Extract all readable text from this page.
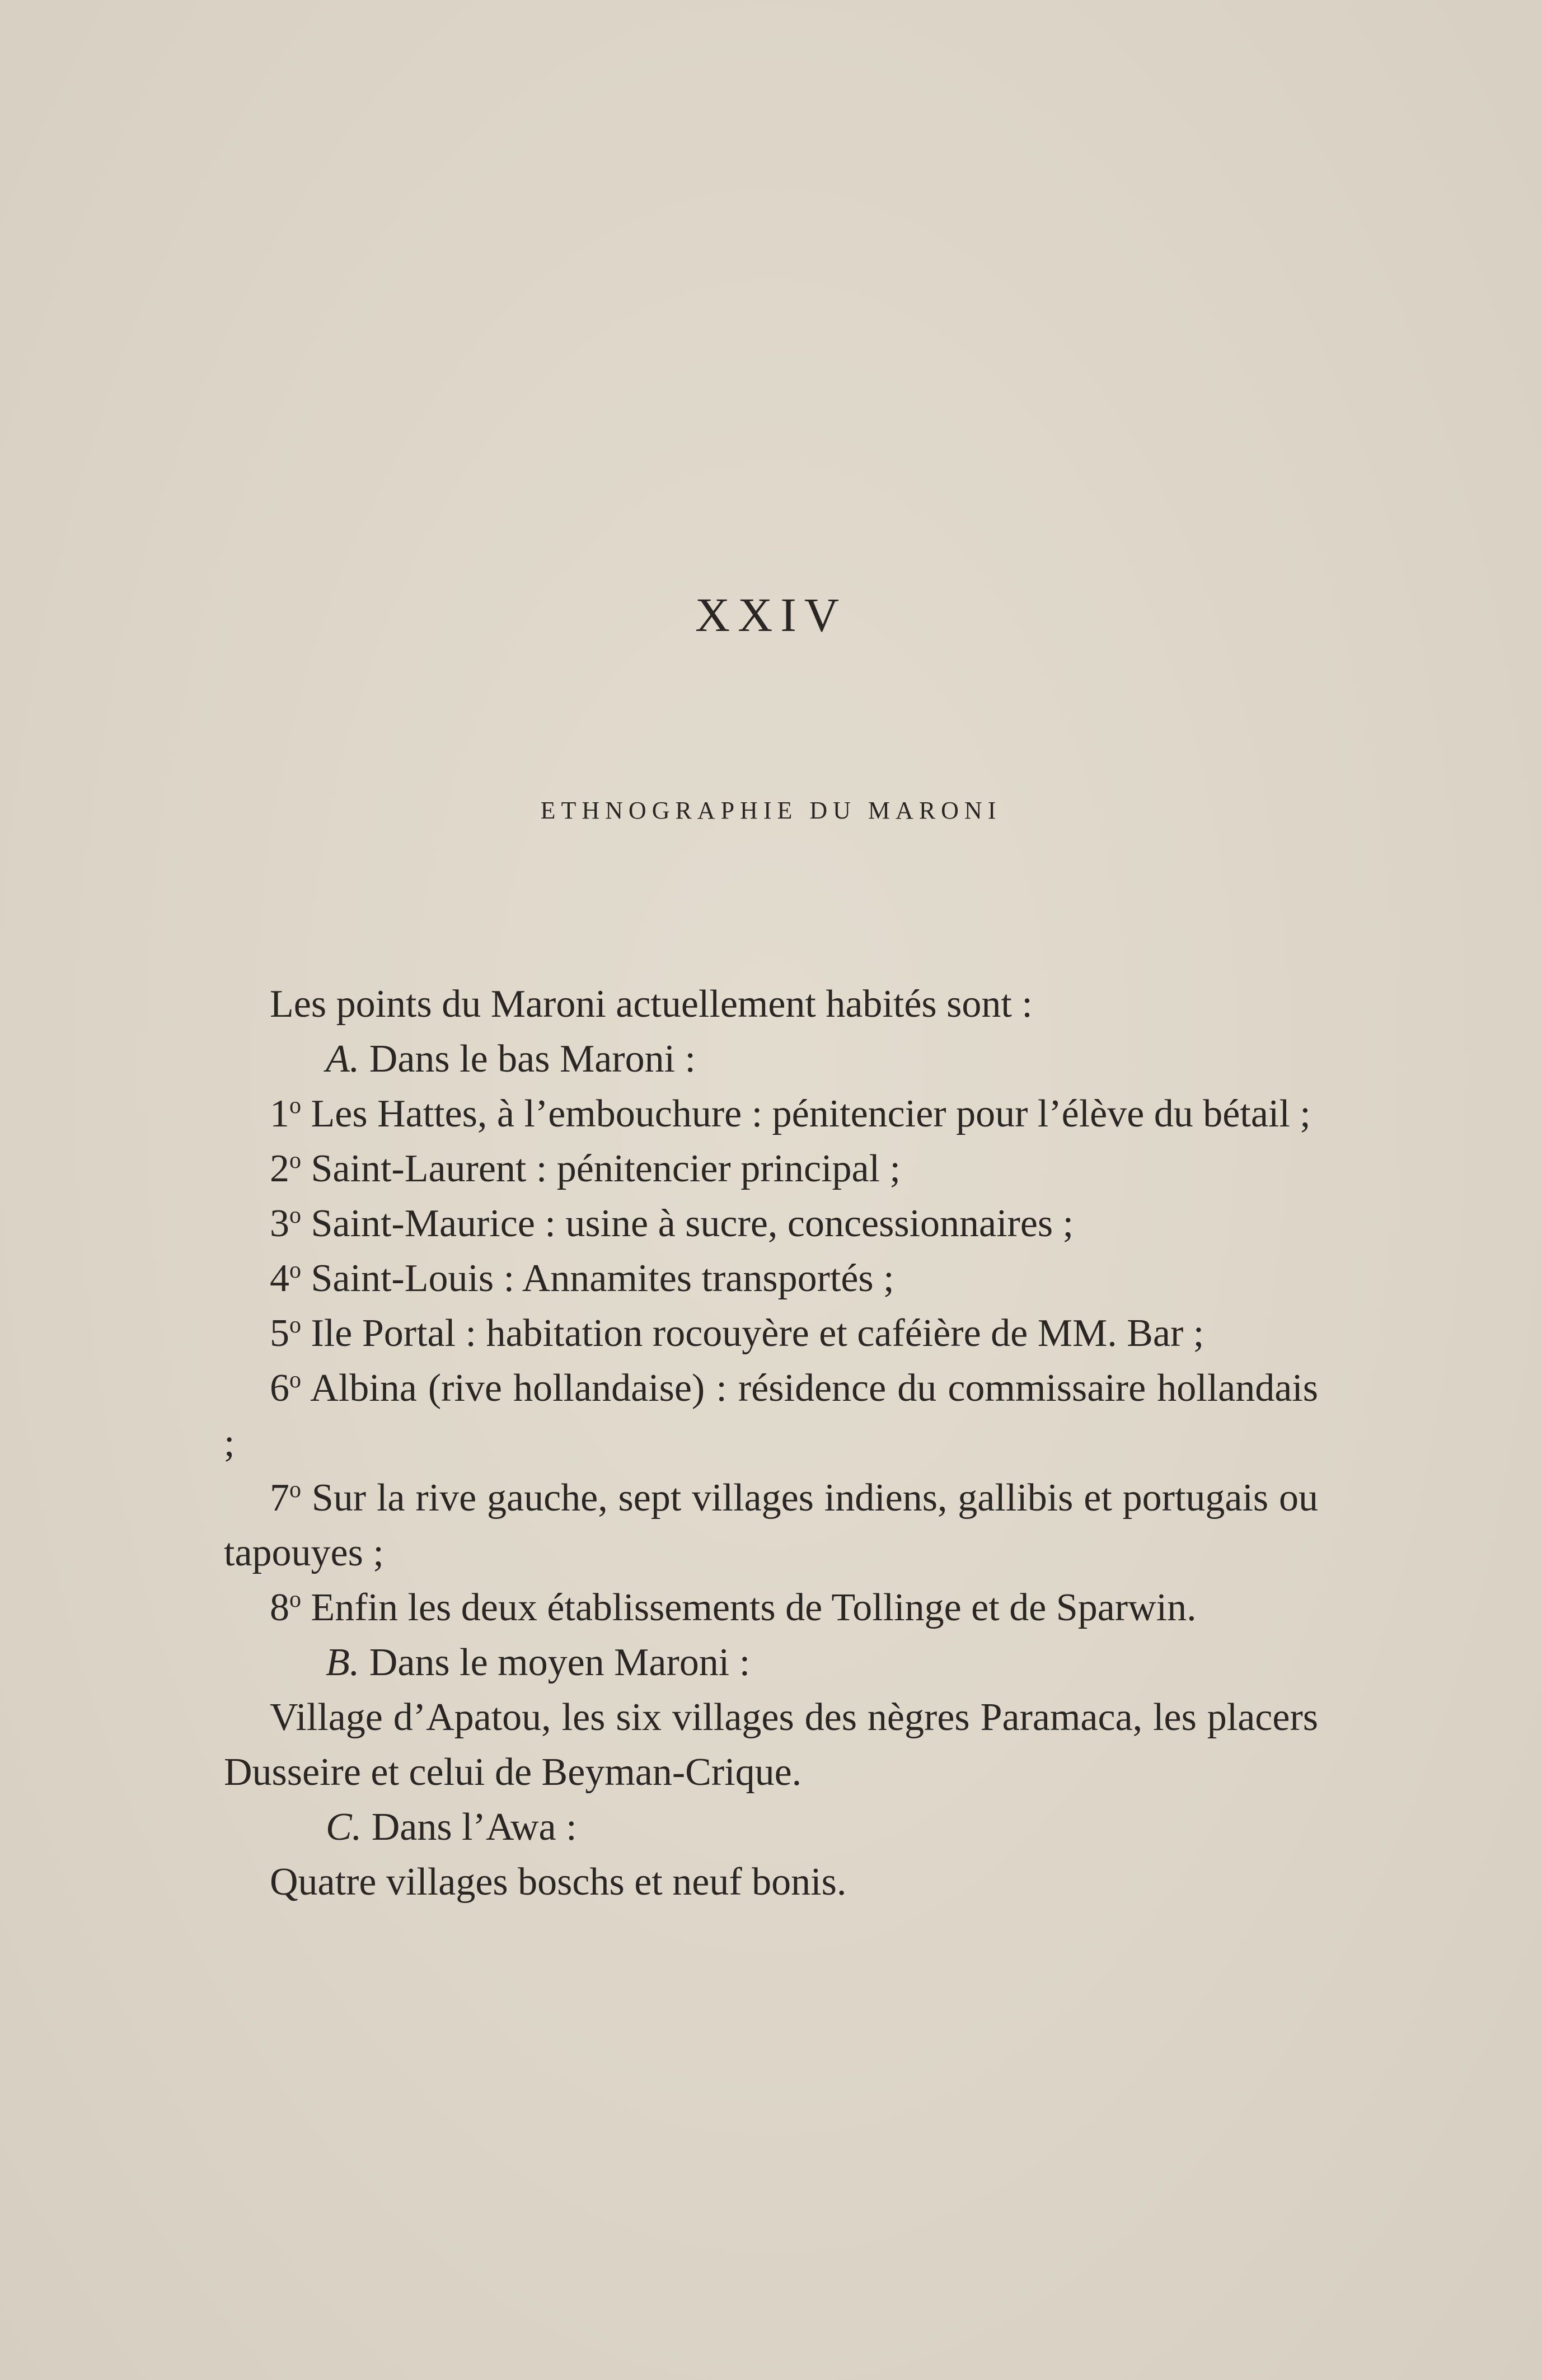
XXIV
ETHNOGRAPHIE DU MARONI

Les points du Maroni actuellement habités sont :

A. Dans le bas Maroni :

1$^o$ Les Hattes, à l’embouchure : pénitencier pour l’élève du bétail ;

2$^o$ Saint-Laurent : pénitencier principal ;

3$^o$ Saint-Maurice : usine à sucre, concessionnaires ;

4$^o$ Saint-Louis : Annamites transportés ;

5$^o$ Ile Portal : habitation rocouyère et caféière de MM. Bar ;

6$^o$ Albina (rive hollandaise) : résidence du commissaire hollandais ;

7$^o$ Sur la rive gauche, sept villages indiens, gallibis et portugais ou tapouyes ;

8$^o$ Enfin les deux établissements de Tollinge et de Sparwin.

B. Dans le moyen Maroni :

Village d’Apatou, les six villages des nègres Paramaca, les placers Dusseire et celui de Beyman-Crique.

C. Dans l’Awa :

Quatre villages boschs et neuf bonis.
